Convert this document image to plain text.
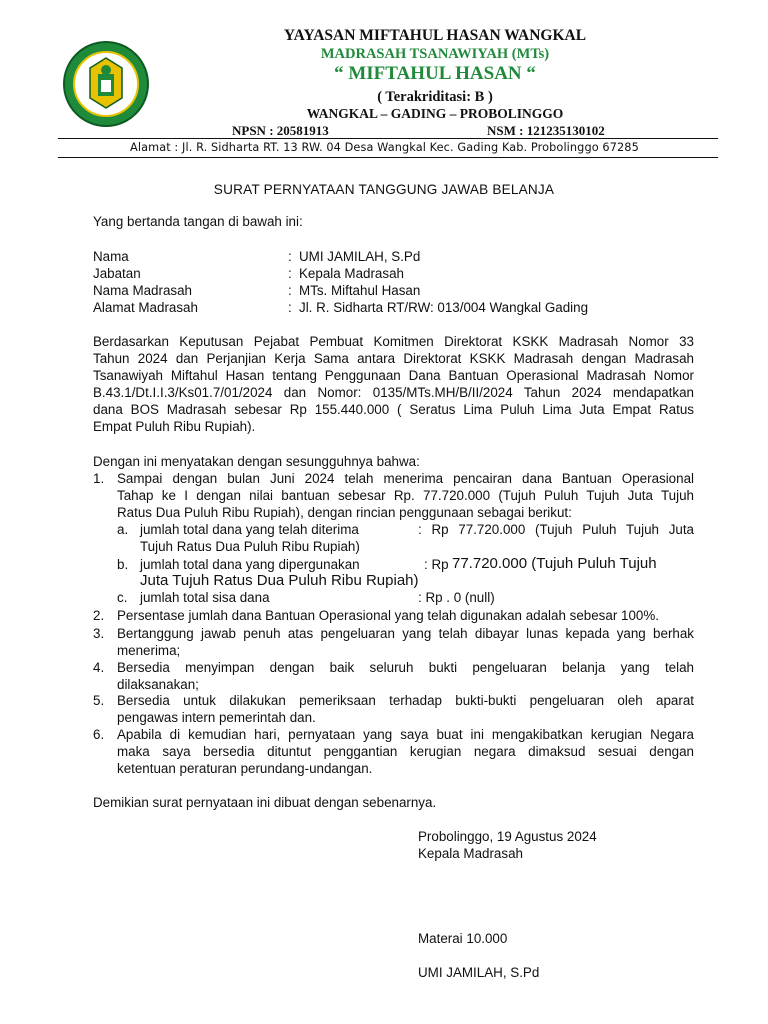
YAYASAN MIFTAHUL HASAN WANGKAL
MADRASAH TSANAWIYAH (MTs)
“ MIFTAHUL HASAN “
( Terakriditasi: B )
WANGKAL – GADING – PROBOLINGGO
NPSN : 20581913	NSM : 121235130102
Alamat : Jl. R. Sidharta RT. 13 RW. 04 Desa Wangkal Kec. Gading Kab. Probolinggo 67285
SURAT PERNYATAAN TANGGUNG JAWAB BELANJA
Yang bertanda tangan di bawah ini:
Nama	: UMI JAMILAH, S.Pd
Jabatan	: Kepala Madrasah
Nama Madrasah	: MTs. Miftahul Hasan
Alamat Madrasah	: Jl. R. Sidharta RT/RW: 013/004 Wangkal Gading
Berdasarkan Keputusan Pejabat Pembuat Komitmen Direktorat KSKK Madrasah Nomor 33
Tahun 2024 dan Perjanjian Kerja Sama antara Direktorat KSKK Madrasah dengan Madrasah
Tsanawiyah Miftahul Hasan tentang Penggunaan Dana Bantuan Operasional Madrasah Nomor
B.43.1/Dt.I.I.3/Ks01.7/01/2024 dan Nomor: 0135/MTs.MH/B/II/2024 Tahun 2024 mendapatkan
dana BOS Madrasah sebesar Rp 155.440.000 ( Seratus Lima Puluh Lima Juta Empat Ratus
Empat Puluh Ribu Rupiah).
Dengan ini menyatakan dengan sesungguhnya bahwa:
1. Sampai dengan bulan Juni 2024 telah menerima pencairan dana Bantuan Operasional
Tahap ke I dengan nilai bantuan sebesar Rp. 77.720.000 (Tujuh Puluh Tujuh Juta Tujuh
Ratus Dua Puluh Ribu Rupiah), dengan rincian penggunaan sebagai berikut:
a. jumlah total dana yang telah diterima	: Rp 77.720.000 (Tujuh Puluh Tujuh Juta
Tujuh Ratus Dua Puluh Ribu Rupiah)
b. jumlah total dana yang dipergunakan	: Rp 77.720.000 (Tujuh Puluh Tujuh
Juta Tujuh Ratus Dua Puluh Ribu Rupiah)
c. jumlah total sisa dana	: Rp . 0 (null)
2. Persentase jumlah dana Bantuan Operasional yang telah digunakan adalah sebesar 100%.
3. Bertanggung jawab penuh atas pengeluaran yang telah dibayar lunas kepada yang berhak
menerima;
4. Bersedia menyimpan dengan baik seluruh bukti pengeluaran belanja yang telah
dilaksanakan;
5. Bersedia untuk dilakukan pemeriksaan terhadap bukti-bukti pengeluaran oleh aparat
pengawas intern pemerintah dan.
6. Apabila di kemudian hari, pernyataan yang saya buat ini mengakibatkan kerugian Negara
maka saya bersedia dituntut penggantian kerugian negara dimaksud sesuai dengan
ketentuan peraturan perundang-undangan.
Demikian surat pernyataan ini dibuat dengan sebenarnya.
Probolinggo, 19 Agustus 2024
Kepala Madrasah
Materai 10.000
UMI JAMILAH, S.Pd
